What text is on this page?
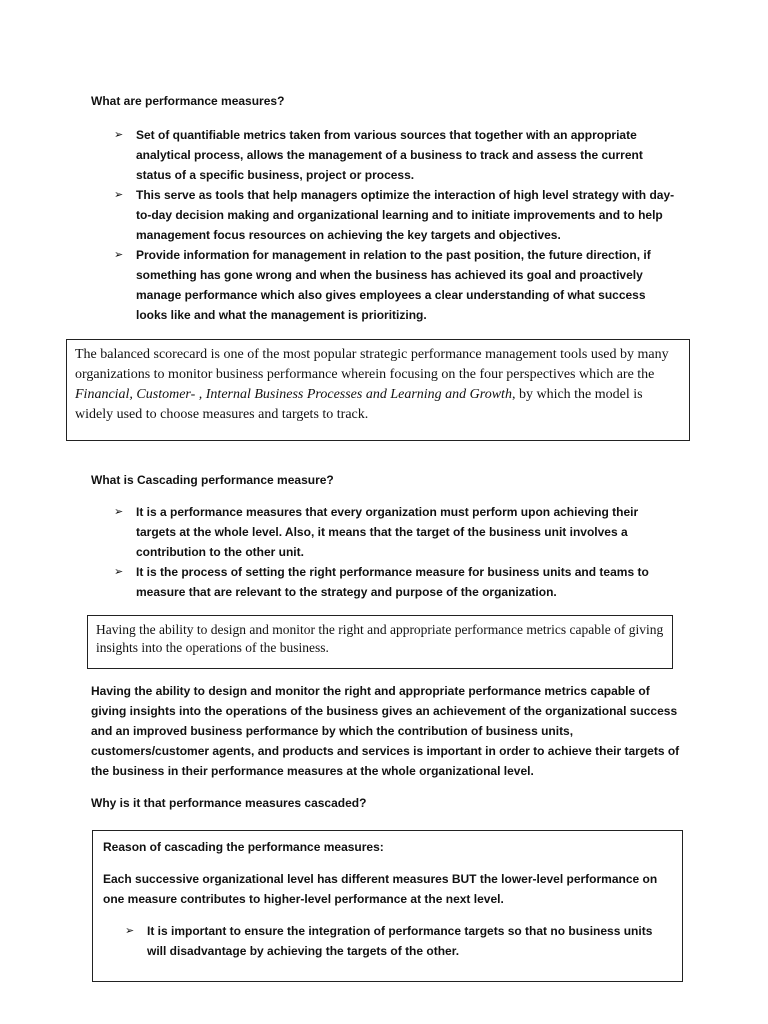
What are performance measures?
➢ Set of quantifiable metrics taken from various sources that together with an appropriate analytical process, allows the management of a business to track and assess the current status of a specific business, project or process.
➢ This serve as tools that help managers optimize the interaction of high level strategy with day-to-day decision making and organizational learning and to initiate improvements and to help management focus resources on achieving the key targets and objectives.
➢ Provide information for management in relation to the past position, the future direction, if something has gone wrong and when the business has achieved its goal and proactively manage performance which also gives employees a clear understanding of what success looks like and what the management is prioritizing.

The balanced scorecard is one of the most popular strategic performance management tools used by many organizations to monitor business performance wherein focusing on the four perspectives which are the Financial, Customer- , Internal Business Processes and Learning and Growth, by which the model is widely used to choose measures and targets to track.

What is Cascading performance measure?
➢ It is a performance measures that every organization must perform upon achieving their targets at the whole level. Also, it means that the target of the business unit involves a contribution to the other unit.
➢ It is the process of setting the right performance measure for business units and teams to measure that are relevant to the strategy and purpose of the organization.

Having the ability to design and monitor the right and appropriate performance metrics capable of giving insights into the operations of the business.

Having the ability to design and monitor the right and appropriate performance metrics capable of giving insights into the operations of the business gives an achievement of the organizational success and an improved business performance by which the contribution of business units, customers/customer agents, and products and services is important in order to achieve their targets of the business in their performance measures at the whole organizational level.

Why is it that performance measures cascaded?

Reason of cascading the performance measures:

Each successive organizational level has different measures BUT the lower-level performance on one measure contributes to higher-level performance at the next level.

➢ It is important to ensure the integration of performance targets so that no business units will disadvantage by achieving the targets of the other.
